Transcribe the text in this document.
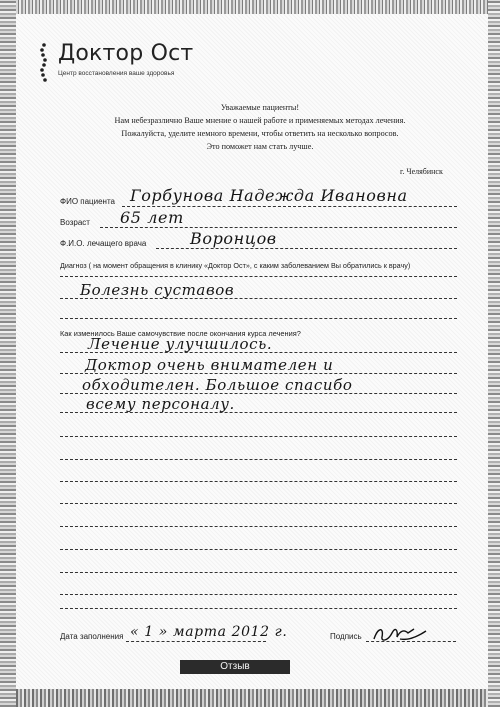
Доктор Ост
Центр восстановления ваше здоровья
Уважаемые пациенты!
Нам небезразлично Ваше мнение о нашей работе и применяемых методах лечения.
Пожалуйста, уделите немного времени, чтобы ответить на несколько вопросов.
Это поможет нам стать лучше.
г. Челябинск
ФИО пациента Горбунова Надежда Ивановна
Возраст 65 лет
Ф.И.О. лечащего врача	Воронцов
Диагноз ( на момент обращения в клинику «Доктор Ост», с каким заболеванием Вы обратились к врачу)
Болезнь суставов
Как изменилось Ваше самочувствие после окончания курса лечения?
Лечение улучшилось.
Доктор очень внимателен и
обходителен. Большое спасибо
всему персоналу.
Дата заполнения « 1 » марта 2012 г.	Подпись
Отзыв
